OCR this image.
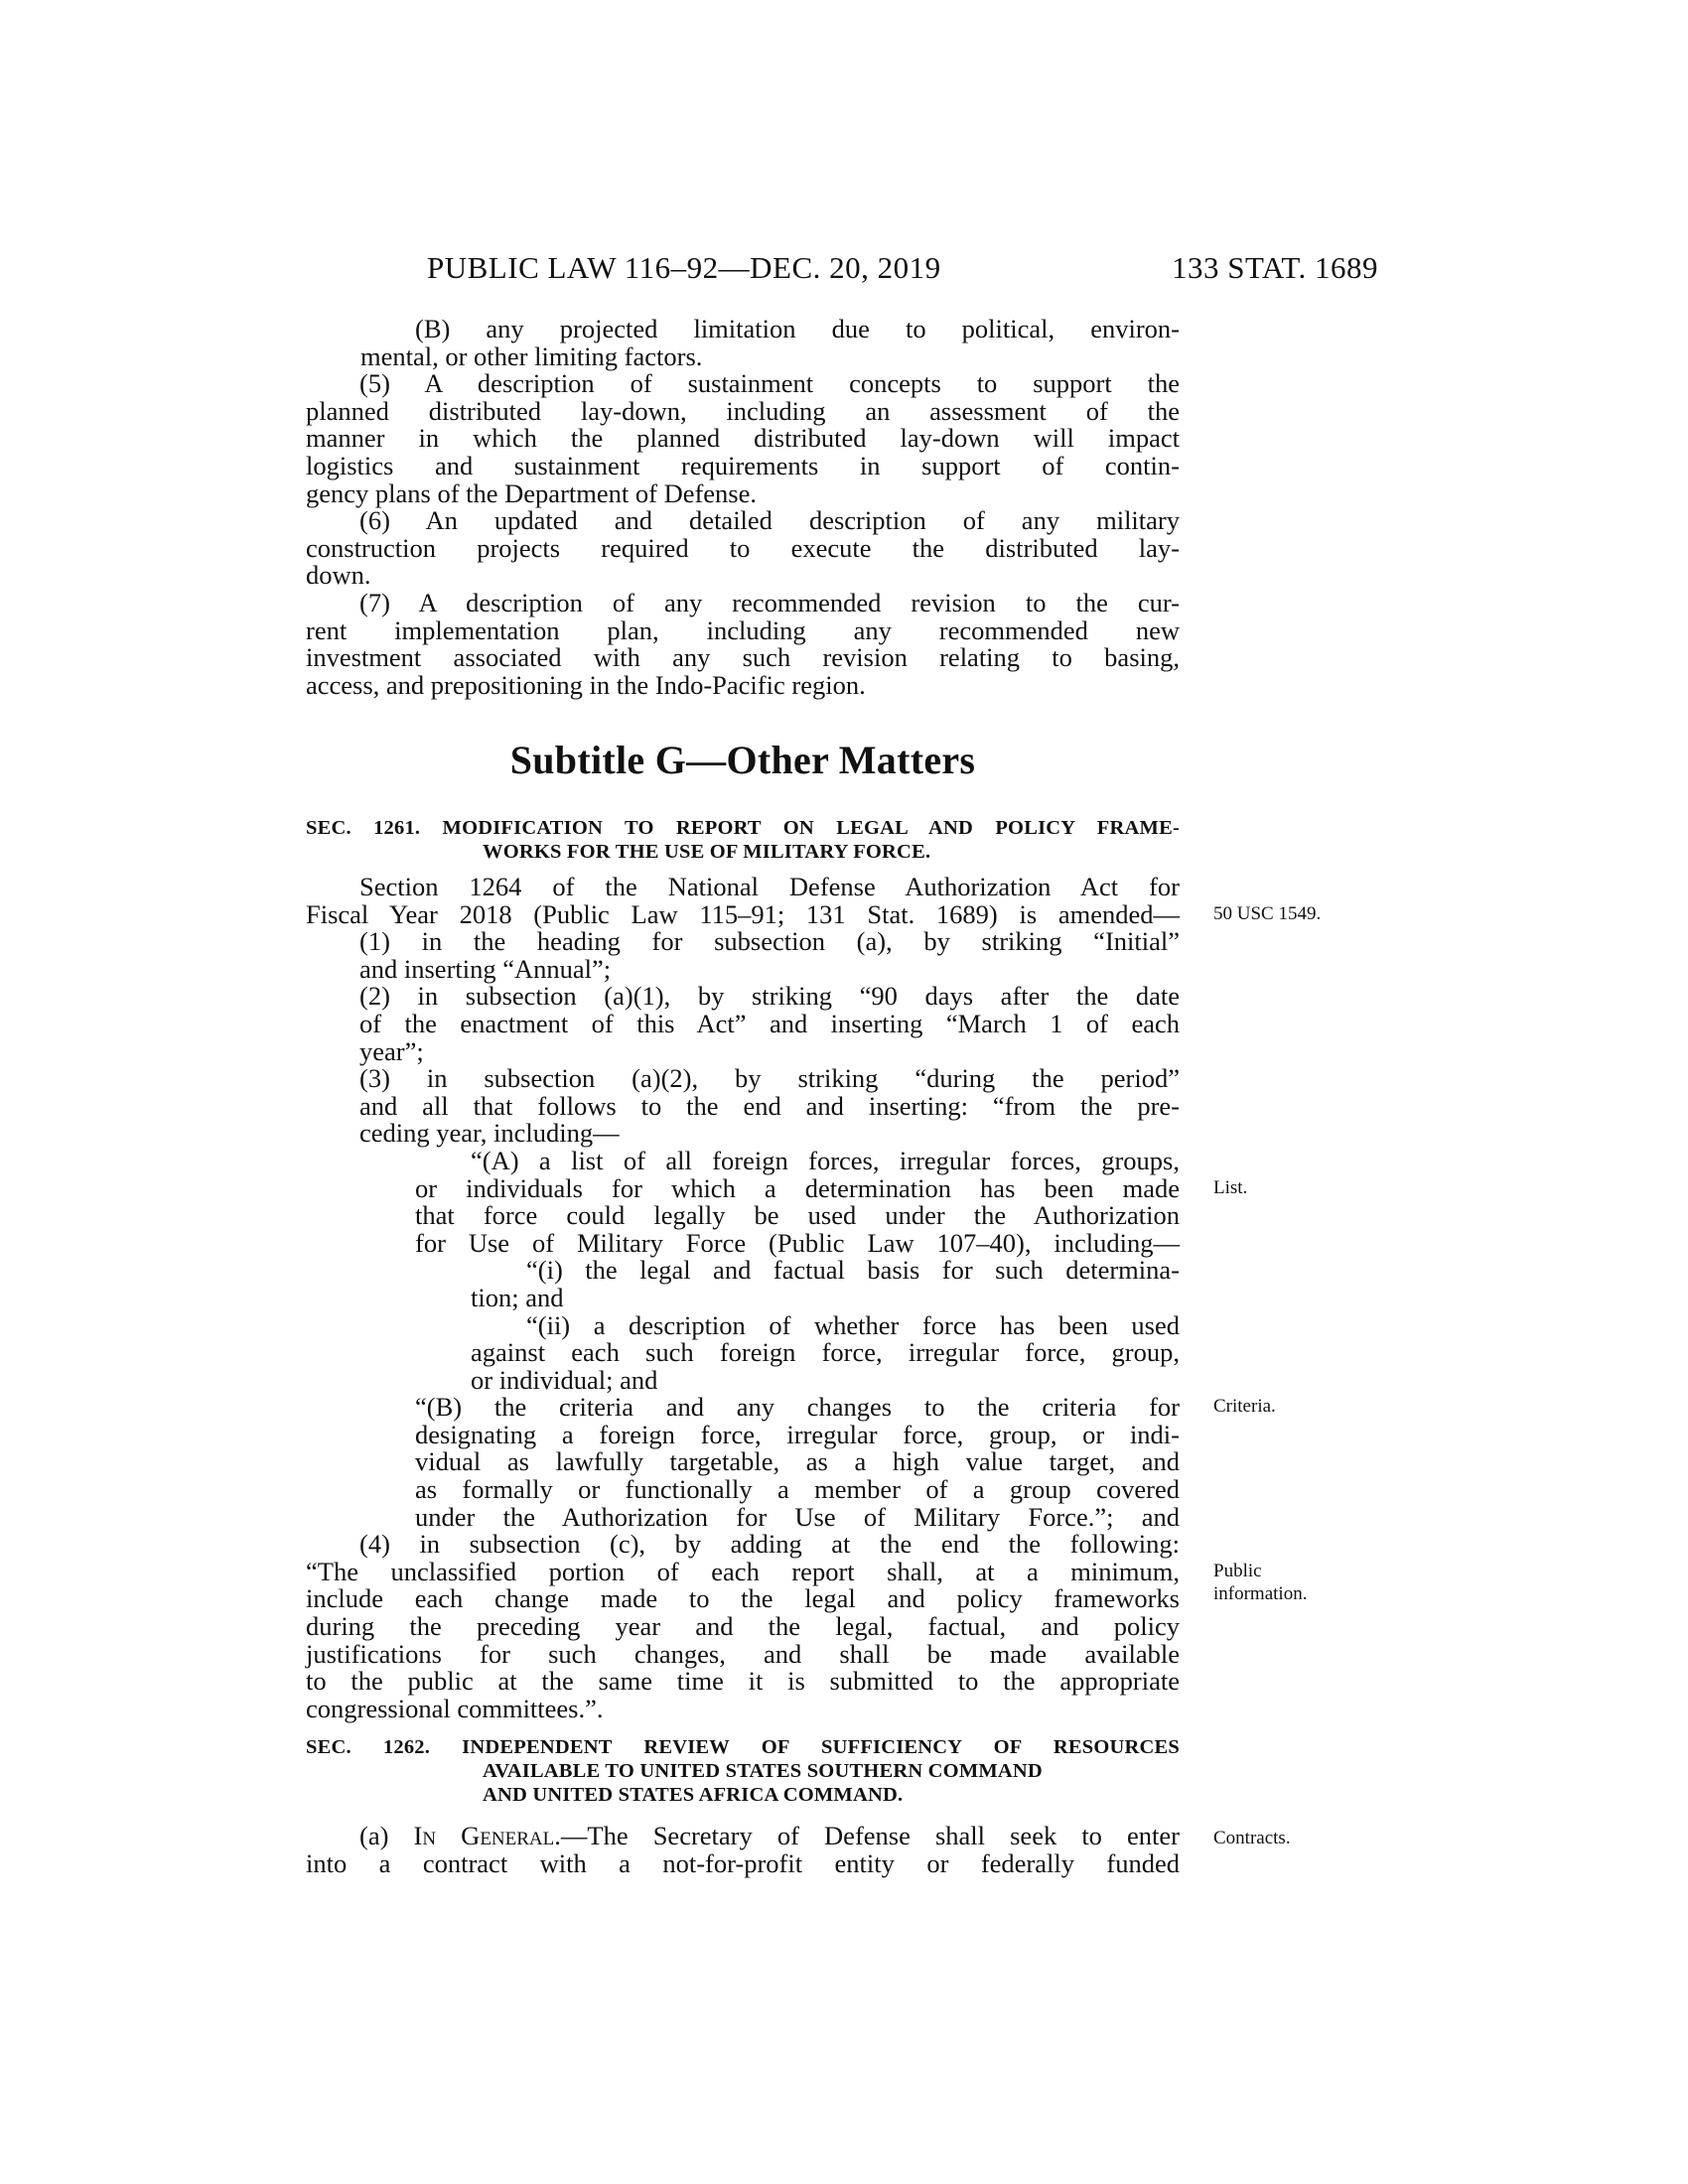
PUBLIC LAW 116–92—DEC. 20, 2019	133 STAT. 1689

(B) any projected limitation due to political, environ-

mental, or other limiting factors.

(5) A description of sustainment concepts to support the

planned distributed lay-down, including an assessment of the

manner in which the planned distributed lay-down will impact

logistics and sustainment requirements in support of contin-

gency plans of the Department of Defense.

(6) An updated and detailed description of any military

construction projects required to execute the distributed lay-

down.

(7) A description of any recommended revision to the cur-

rent implementation plan, including any recommended new

investment associated with any such revision relating to basing,

access, and prepositioning in the Indo-Pacific region.

Subtitle G—Other Matters
SEC. 1261. MODIFICATION TO REPORT ON LEGAL AND POLICY FRAME-
WORKS FOR THE USE OF MILITARY FORCE.

Section 1264 of the National Defense Authorization Act for

Fiscal Year 2018 (Public Law 115–91; 131 Stat. 1689) is amended—

(1) in the heading for subsection (a), by striking “Initial”

and inserting “Annual”;

(2) in subsection (a)(1), by striking “90 days after the date

of the enactment of this Act” and inserting “March 1 of each

year”;

(3) in subsection (a)(2), by striking “during the period”

and all that follows to the end and inserting: “from the pre-

ceding year, including—

“(A) a list of all foreign forces, irregular forces, groups,

or individuals for which a determination has been made

that force could legally be used under the Authorization

for Use of Military Force (Public Law 107–40), including—

“(i) the legal and factual basis for such determina-

tion; and

“(ii) a description of whether force has been used

against each such foreign force, irregular force, group,

or individual; and

“(B) the criteria and any changes to the criteria for

designating a foreign force, irregular force, group, or indi-

vidual as lawfully targetable, as a high value target, and

as formally or functionally a member of a group covered

under the Authorization for Use of Military Force.”; and

(4) in subsection (c), by adding at the end the following:

“The unclassified portion of each report shall, at a minimum,

include each change made to the legal and policy frameworks

during the preceding year and the legal, factual, and policy

justifications for such changes, and shall be made available

to the public at the same time it is submitted to the appropriate

congressional committees.”.

SEC. 1262. INDEPENDENT REVIEW OF SUFFICIENCY OF RESOURCES
AVAILABLE TO UNITED STATES SOUTHERN COMMAND
AND UNITED STATES AFRICA COMMAND.

(a) In General.—The Secretary of Defense shall seek to enter

into a contract with a not-for-profit entity or federally funded

50 USC 1549.
List.
Criteria.
Public
information.
Contracts.
